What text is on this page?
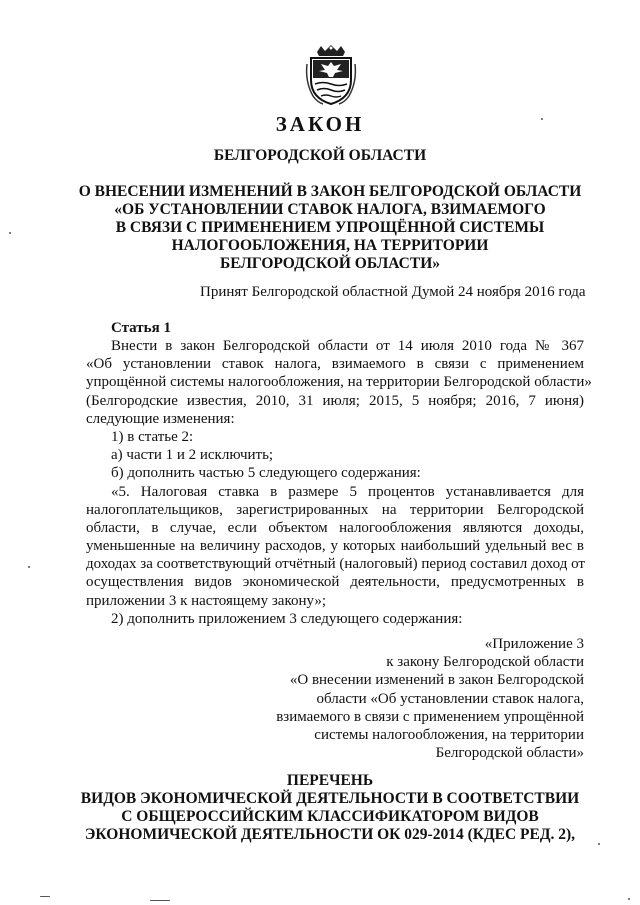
ЗАКОН
БЕЛГОРОДСКОЙ ОБЛАСТИ
О ВНЕСЕНИИ ИЗМЕНЕНИЙ В ЗАКОН БЕЛГОРОДСКОЙ ОБЛАСТИ
«ОБ УСТАНОВЛЕНИИ СТАВОК НАЛОГА, ВЗИМАЕМОГО
В СВЯЗИ С ПРИМЕНЕНИЕМ УПРОЩЁННОЙ СИСТЕМЫ
НАЛОГООБЛОЖЕНИЯ, НА ТЕРРИТОРИИ
БЕЛГОРОДСКОЙ ОБЛАСТИ»
Принят Белгородской областной Думой 24 ноября 2016 года
Статья 1
Внести в закон Белгородской области от 14 июля 2010 года № 367
«Об установлении ставок налога, взимаемого в связи с применением
упрощённой системы налогообложения, на территории Белгородской области»
(Белгородские известия, 2010, 31 июля; 2015, 5 ноября; 2016, 7 июня)
следующие изменения:
1) в статье 2:
а) части 1 и 2 исключить;
б) дополнить частью 5 следующего содержания:
«5. Налоговая ставка в размере 5 процентов устанавливается для
налогоплательщиков, зарегистрированных на территории Белгородской
области, в случае, если объектом налогообложения являются доходы,
уменьшенные на величину расходов, у которых наибольший удельный вес в
доходах за соответствующий отчётный (налоговый) период составил доход от
осуществления видов экономической деятельности, предусмотренных в
приложении 3 к настоящему закону»;
2) дополнить приложением 3 следующего содержания:
«Приложение 3
к закону Белгородской области
«О внесении изменений в закон Белгородской
области «Об установлении ставок налога,
взимаемого в связи с применением упрощённой
системы налогообложения, на территории
Белгородской области»
ПЕРЕЧЕНЬ
ВИДОВ ЭКОНОМИЧЕСКОЙ ДЕЯТЕЛЬНОСТИ В СООТВЕТСТВИИ
С ОБЩЕРОССИЙСКИМ КЛАССИФИКАТОРОМ ВИДОВ
ЭКОНОМИЧЕСКОЙ ДЕЯТЕЛЬНОСТИ ОК 029-2014 (КДЕС РЕД. 2),
